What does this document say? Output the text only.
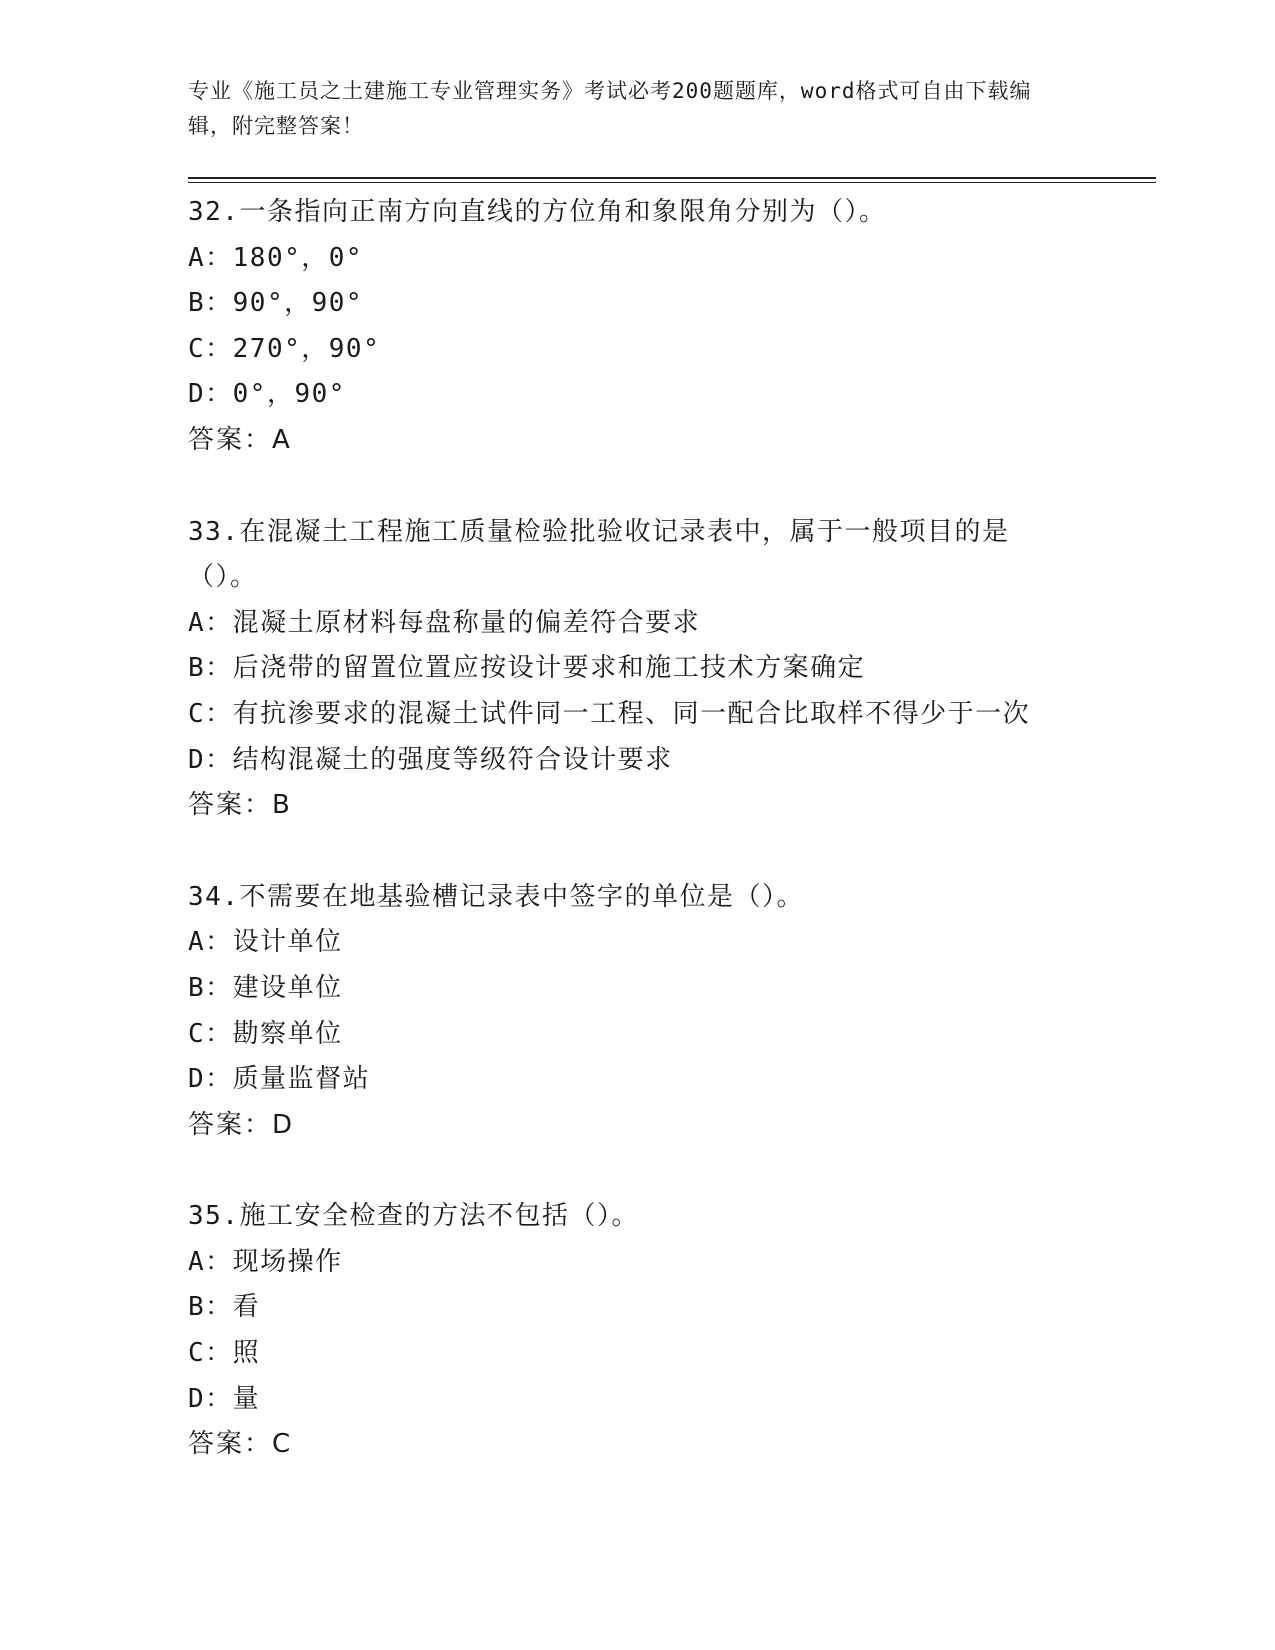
专业《施工员之土建施工专业管理实务》考试必考200题题库，word格式可自由下载编辑，附完整答案！
32.一条指向正南方向直线的方位角和象限角分别为（）。
A：180°，0°
B：90°，90°
C：270°，90°
D：0°，90°
答案：A
33.在混凝土工程施工质量检验批验收记录表中，属于一般项目的是（）。
A：混凝土原材料每盘称量的偏差符合要求
B：后浇带的留置位置应按设计要求和施工技术方案确定
C：有抗渗要求的混凝土试件同一工程、同一配合比取样不得少于一次
D：结构混凝土的强度等级符合设计要求
答案：B
34.不需要在地基验槽记录表中签字的单位是（）。
A：设计单位
B：建设单位
C：勘察单位
D：质量监督站
答案：D
35.施工安全检查的方法不包括（）。
A：现场操作
B：看
C：照
D：量
答案：C
